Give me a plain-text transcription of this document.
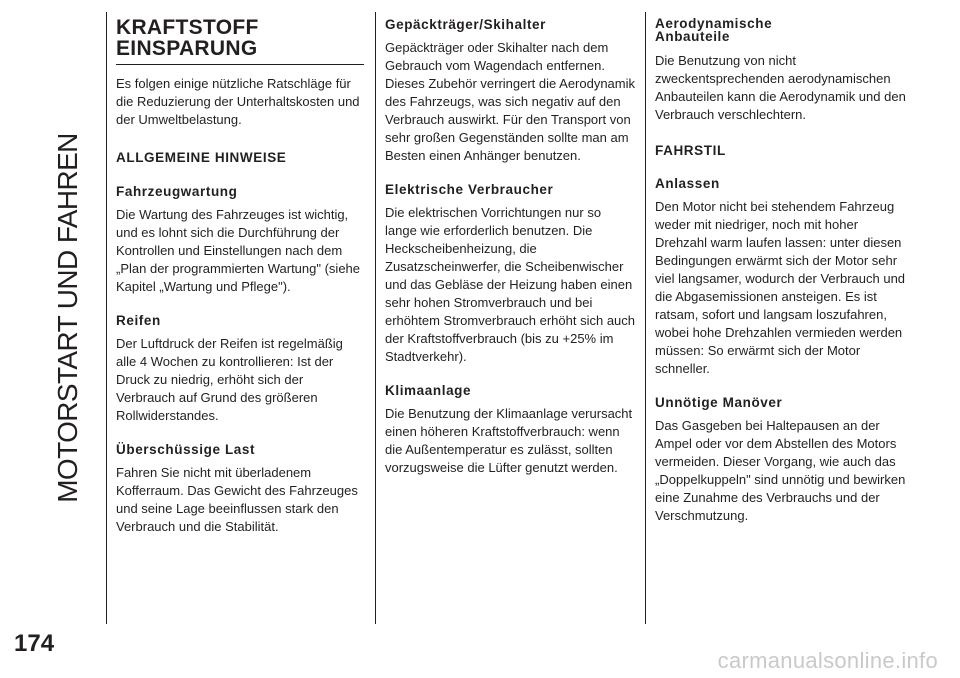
MOTORSTART UND FAHREN
174
KRAFTSTOFF
EINSPARUNG

Es folgen einige nützliche Ratschläge für die Reduzierung der Unterhaltskosten und der Umweltbelastung.

ALLGEMEINE HINWEISE
Fahrzeugwartung

Die Wartung des Fahrzeuges ist wichtig, und es lohnt sich die Durchführung der Kontrollen und Einstellungen nach dem „Plan der programmierten Wartung" (siehe Kapitel „Wartung und Pflege").

Reifen

Der Luftdruck der Reifen ist regelmäßig alle 4 Wochen zu kontrollieren: Ist der Druck zu niedrig, erhöht sich der Verbrauch auf Grund des größeren Rollwiderstandes.

Überschüssige Last

Fahren Sie nicht mit überladenem Kofferraum. Das Gewicht des Fahrzeuges und seine Lage beeinflussen stark den Verbrauch und die Stabilität.

Gepäckträger/Skihalter

Gepäckträger oder Skihalter nach dem Gebrauch vom Wagendach entfernen. Dieses Zubehör verringert die Aerodynamik des Fahrzeugs, was sich negativ auf den Verbrauch auswirkt. Für den Transport von sehr großen Gegenständen sollte man am Besten einen Anhänger benutzen.

Elektrische Verbraucher

Die elektrischen Vorrichtungen nur so lange wie erforderlich benutzen. Die Heckscheibenheizung, die Zusatzscheinwerfer, die Scheibenwischer und das Gebläse der Heizung haben einen sehr hohen Stromverbrauch und bei erhöhtem Stromverbrauch erhöht sich auch der Kraftstoffverbrauch (bis zu +25% im Stadtverkehr).

Klimaanlage

Die Benutzung der Klimaanlage verursacht einen höheren Kraftstoffverbrauch: wenn die Außentemperatur es zulässt, sollten vorzugsweise die Lüfter genutzt werden.

Aerodynamische
Anbauteile

Die Benutzung von nicht zweckentsprechenden aerodynamischen Anbauteilen kann die Aerodynamik und den Verbrauch verschlechtern.

FAHRSTIL
Anlassen

Den Motor nicht bei stehendem Fahrzeug weder mit niedriger, noch mit hoher Drehzahl warm laufen lassen: unter diesen Bedingungen erwärmt sich der Motor sehr viel langsamer, wodurch der Verbrauch und die Abgasemissionen ansteigen. Es ist ratsam, sofort und langsam loszufahren, wobei hohe Drehzahlen vermieden werden müssen: So erwärmt sich der Motor schneller.

Unnötige Manöver

Das Gasgeben bei Haltepausen an der Ampel oder vor dem Abstellen des Motors vermeiden. Dieser Vorgang, wie auch das „Doppelkuppeln" sind unnötig und bewirken eine Zunahme des Verbrauchs und der Verschmutzung.

carmanualsonline.info
